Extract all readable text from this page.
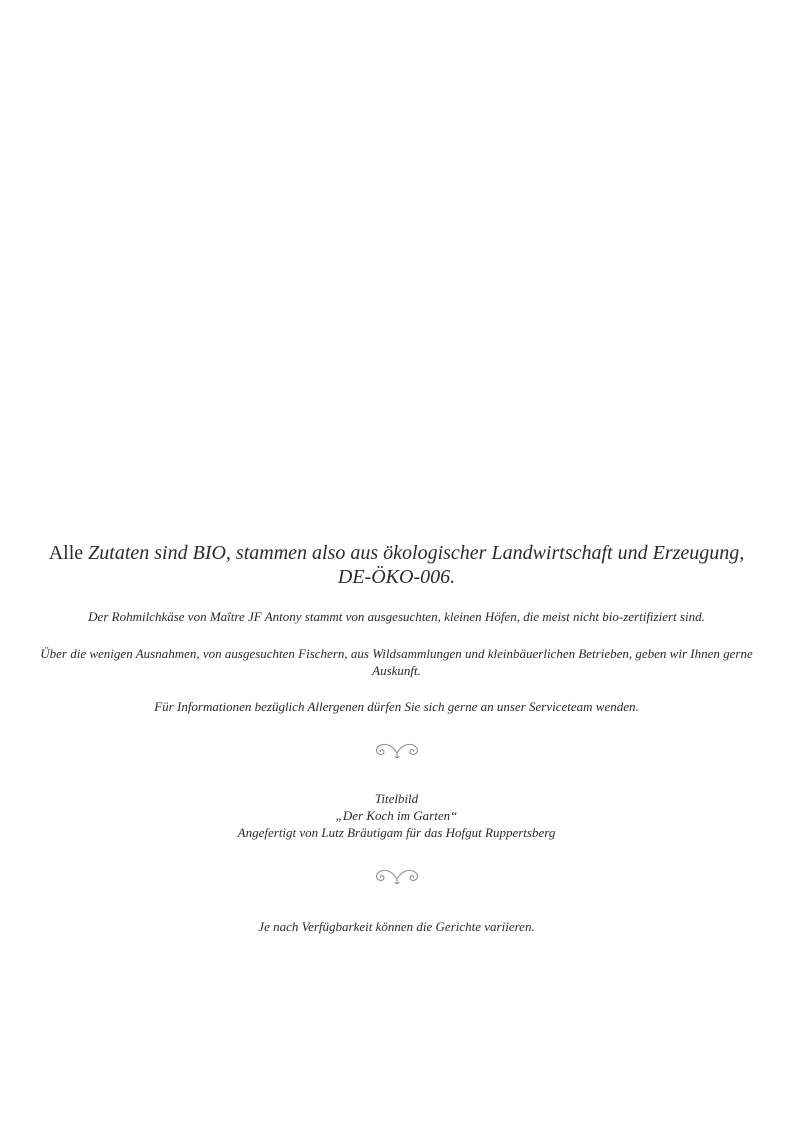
Alle Zutaten sind BIO, stammen also aus ökologischer Landwirtschaft und Erzeugung,
DE-ÖKO-006.
Der Rohmilchkäse von Maître JF Antony stammt von ausgesuchten, kleinen Höfen, die meist nicht bio-zertifiziert sind.
Über die wenigen Ausnahmen, von ausgesuchten Fischern, aus Wildsammlungen und kleinbäuerlichen Betrieben, geben wir Ihnen gerne Auskunft.
Für Informationen bezüglich Allergenen dürfen Sie sich gerne an unser Serviceteam wenden.
Titelbild
„Der Koch im Garten“
Angefertigt von Lutz Bräutigam für das Hofgut Ruppertsberg
Je nach Verfügbarkeit können die Gerichte variieren.
